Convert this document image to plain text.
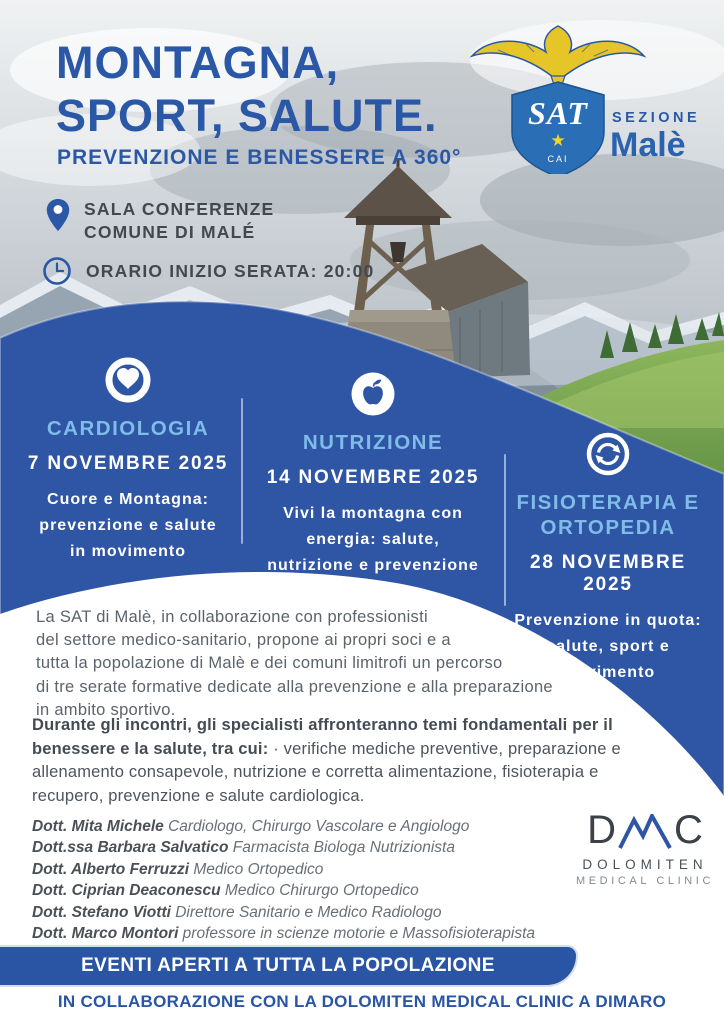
MONTAGNA,
SPORT, SALUTE.
PREVENZIONE E BENESSERE A 360°
SAT
★
CAI
SEZIONE
Malè
SALA CONFERENZE
COMUNE DI MALÉ
ORARIO INIZIO SERATA: 20:00
CARDIOLOGIA
7 NOVEMBRE 2025
Cuore e Montagna:
prevenzione e salute
in movimento
NUTRIZIONE
14 NOVEMBRE 2025
Vivi la montagna con
energia: salute,
nutrizione e prevenzione
FISIOTERAPIA E ORTOPEDIA
28 NOVEMBRE 2025
Prevenzione in quota:
salute, sport e
movimento
La SAT di Malè, in collaborazione con professionisti
del settore medico-sanitario, propone ai propri soci e a
tutta la popolazione di Malè e dei comuni limitrofi un percorso
di tre serate formative dedicate alla prevenzione e alla preparazione
in ambito sportivo.
Durante gli incontri, gli specialisti affronteranno temi fondamentali per il
benessere e la salute, tra cui: · verifiche mediche preventive, preparazione e
allenamento consapevole, nutrizione e corretta alimentazione, fisioterapia e
recupero, prevenzione e salute cardiologica.
Dott. Mita Michele Cardiologo, Chirurgo Vascolare e Angiologo
Dott.ssa Barbara Salvatico Farmacista Biologa Nutrizionista
Dott. Alberto Ferruzzi Medico Ortopedico
Dott. Ciprian Deaconescu Medico Chirurgo Ortopedico
Dott. Stefano Viotti Direttore Sanitario e Medico Radiologo
Dott. Marco Montori professore in scienze motorie e Massofisioterapista
D C
DOLOMITEN
MEDICAL CLINIC
EVENTI APERTI A TUTTA LA POPOLAZIONE
IN COLLABORAZIONE CON LA DOLOMITEN MEDICAL CLINIC A DIMARO
